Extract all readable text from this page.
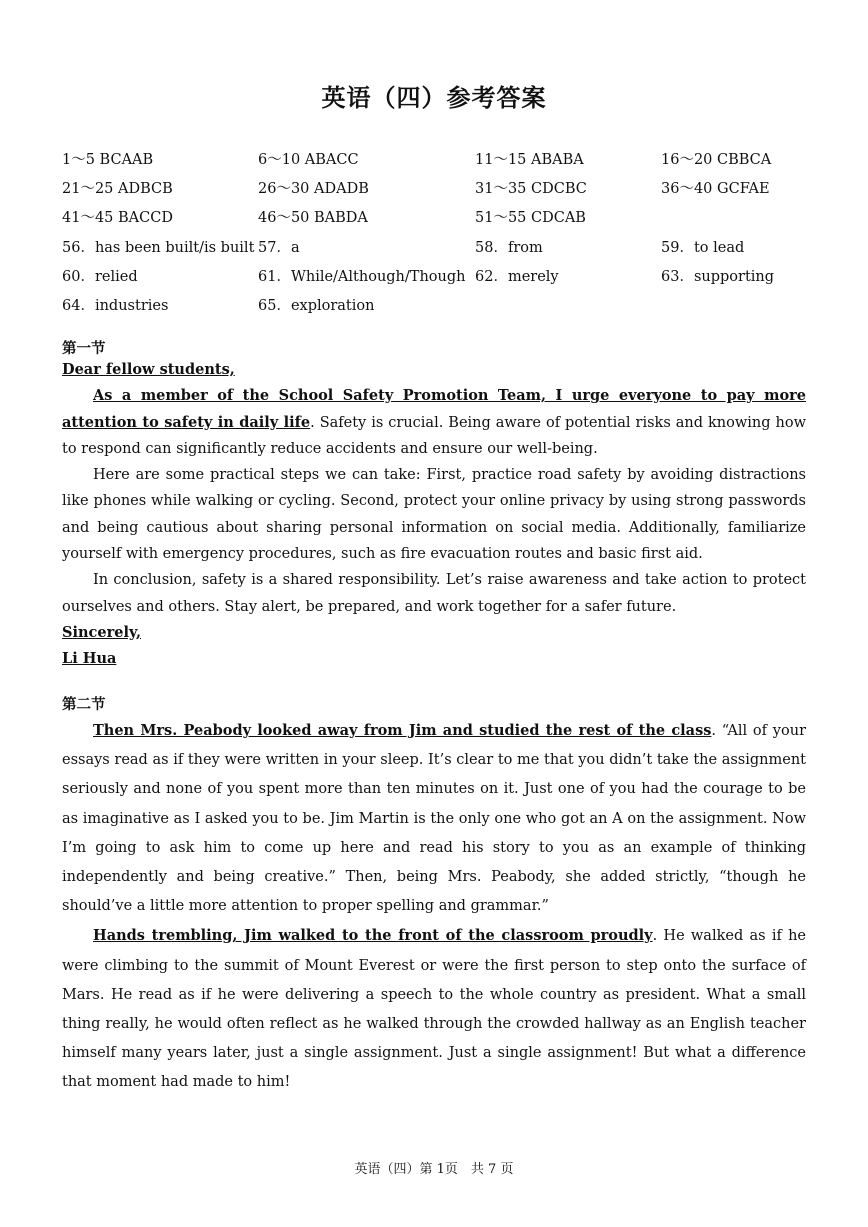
英语（四）参考答案
1～5 BCAAB	6～10 ABACC	11～15 ABABA	16～20 CBBCA
21～25 ADBCB	26～30 ADADB	31～35 CDCBC	36～40 GCFAE
41～45 BACCD	46～50 BABDA	51～55 CDCAB
56．has been built/is built 57．a	58．from	59．to lead
60．relied	61．While/Although/Though 62．merely	63．supporting
64．industries	65．exploration
第一节

Dear fellow students,

As a member of the School Safety Promotion Team, I urge everyone to pay more attention to safety in daily life. Safety is crucial. Being aware of potential risks and knowing how to respond can significantly reduce accidents and ensure our well-being.

Here are some practical steps we can take: First, practice road safety by avoiding distractions like phones while walking or cycling. Second, protect your online privacy by using strong passwords and being cautious about sharing personal information on social media. Additionally, familiarize yourself with emergency procedures, such as fire evacuation routes and basic first aid.

In conclusion, safety is a shared responsibility. Let’s raise awareness and take action to protect ourselves and others. Stay alert, be prepared, and work together for a safer future.

Sincerely,

Li Hua

第二节

Then Mrs. Peabody looked away from Jim and studied the rest of the class. “All of your essays read as if they were written in your sleep. It’s clear to me that you didn’t take the assignment seriously and none of you spent more than ten minutes on it. Just one of you had the courage to be as imaginative as I asked you to be. Jim Martin is the only one who got an A on the assignment. Now I’m going to ask him to come up here and read his story to you as an example of thinking independently and being creative.” Then, being Mrs. Peabody, she added strictly, “though he should’ve a little more attention to proper spelling and grammar.”

Hands trembling, Jim walked to the front of the classroom proudly. He walked as if he were climbing to the summit of Mount Everest or were the first person to step onto the surface of Mars. He read as if he were delivering a speech to the whole country as president. What a small thing really, he would often reflect as he walked through the crowded hallway as an English teacher himself many years later, just a single assignment. Just a single assignment! But what a difference that moment had made to him!

英语（四）第 1页　共 7 页
